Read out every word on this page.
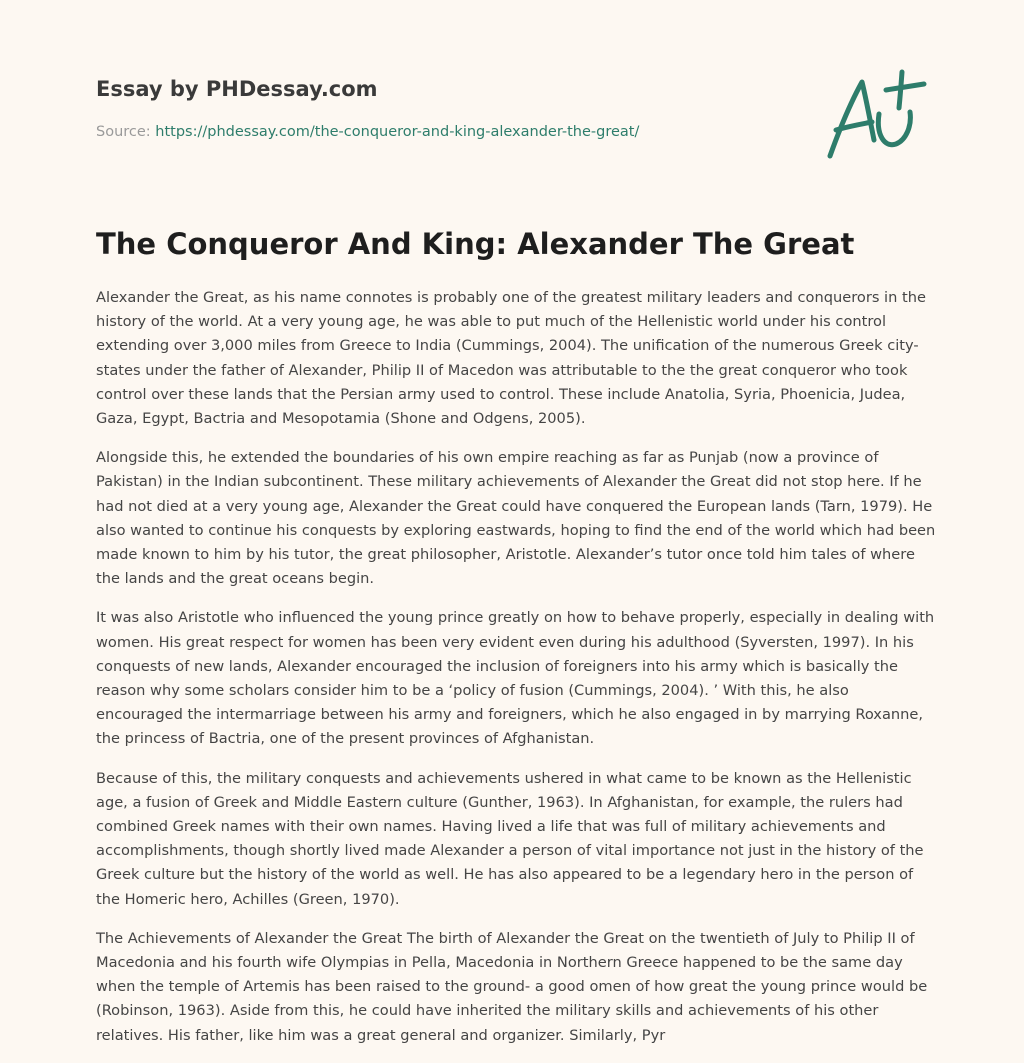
Essay by PHDessay.com
Source: https://phdessay.com/the-conqueror-and-king-alexander-the-great/
The Conqueror And King: Alexander The Great

Alexander the Great, as his name connotes is probably one of the greatest military leaders and conquerors in the history of the world. At a very young age, he was able to put much of the Hellenistic world under his control extending over 3,000 miles from Greece to India (Cummings, 2004). The unification of the numerous Greek city-states under the father of Alexander, Philip II of Macedon was attributable to the the great conqueror who took control over these lands that the Persian army used to control. These include Anatolia, Syria, Phoenicia, Judea, Gaza, Egypt, Bactria and Mesopotamia (Shone and Odgens, 2005).

Alongside this, he extended the boundaries of his own empire reaching as far as Punjab (now a province of Pakistan) in the Indian subcontinent. These military achievements of Alexander the Great did not stop here. If he had not died at a very young age, Alexander the Great could have conquered the European lands (Tarn, 1979). He also wanted to continue his conquests by exploring eastwards, hoping to find the end of the world which had been made known to him by his tutor, the great philosopher, Aristotle. Alexander’s tutor once told him tales of where the lands and the great oceans begin.

It was also Aristotle who influenced the young prince greatly on how to behave properly, especially in dealing with women. His great respect for women has been very evident even during his adulthood (Syversten, 1997). In his conquests of new lands, Alexander encouraged the inclusion of foreigners into his army which is basically the reason why some scholars consider him to be a ‘policy of fusion (Cummings, 2004). ’ With this, he also encouraged the intermarriage between his army and foreigners, which he also engaged in by marrying Roxanne, the princess of Bactria, one of the present provinces of Afghanistan.

Because of this, the military conquests and achievements ushered in what came to be known as the Hellenistic age, a fusion of Greek and Middle Eastern culture (Gunther, 1963). In Afghanistan, for example, the rulers had combined Greek names with their own names. Having lived a life that was full of military achievements and accomplishments, though shortly lived made Alexander a person of vital importance not just in the history of the Greek culture but the history of the world as well. He has also appeared to be a legendary hero in the person of the Homeric hero, Achilles (Green, 1970).

The Achievements of Alexander the Great The birth of Alexander the Great on the twentieth of July to Philip II of Macedonia and his fourth wife Olympias in Pella, Macedonia in Northern Greece happened to be the same day when the temple of Artemis has been raised to the ground- a good omen of how great the young prince would be (Robinson, 1963). Aside from this, he could have inherited the military skills and achievements of his other relatives. His father, like him was a great general and organizer. Similarly, Pyr
